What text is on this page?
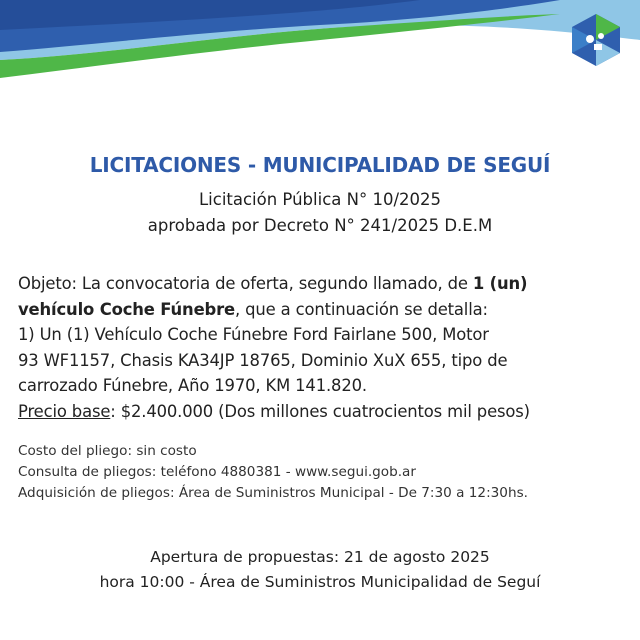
LICITACIONES - MUNICIPALIDAD DE SEGUÍ
Licitación Pública N° 10/2025
aprobada por Decreto N° 241/2025 D.E.M
Objeto: La convocatoria de oferta, segundo llamado, de 1 (un)
vehículo Coche Fúnebre, que a continuación se detalla:
1) Un (1) Vehículo Coche Fúnebre Ford Fairlane 500, Motor
93 WF1157, Chasis KA34JP 18765, Dominio XuX 655, tipo de
carrozado Fúnebre, Año 1970, KM 141.820.
Precio base: $2.400.000 (Dos millones cuatrocientos mil pesos)
Costo del pliego: sin costo
Consulta de pliegos: teléfono 4880381 - www.segui.gob.ar
Adquisición de pliegos: Área de Suministros Municipal - De 7:30 a 12:30hs.
Apertura de propuestas: 21 de agosto 2025
hora 10:00 - Área de Suministros Municipalidad de Seguí
